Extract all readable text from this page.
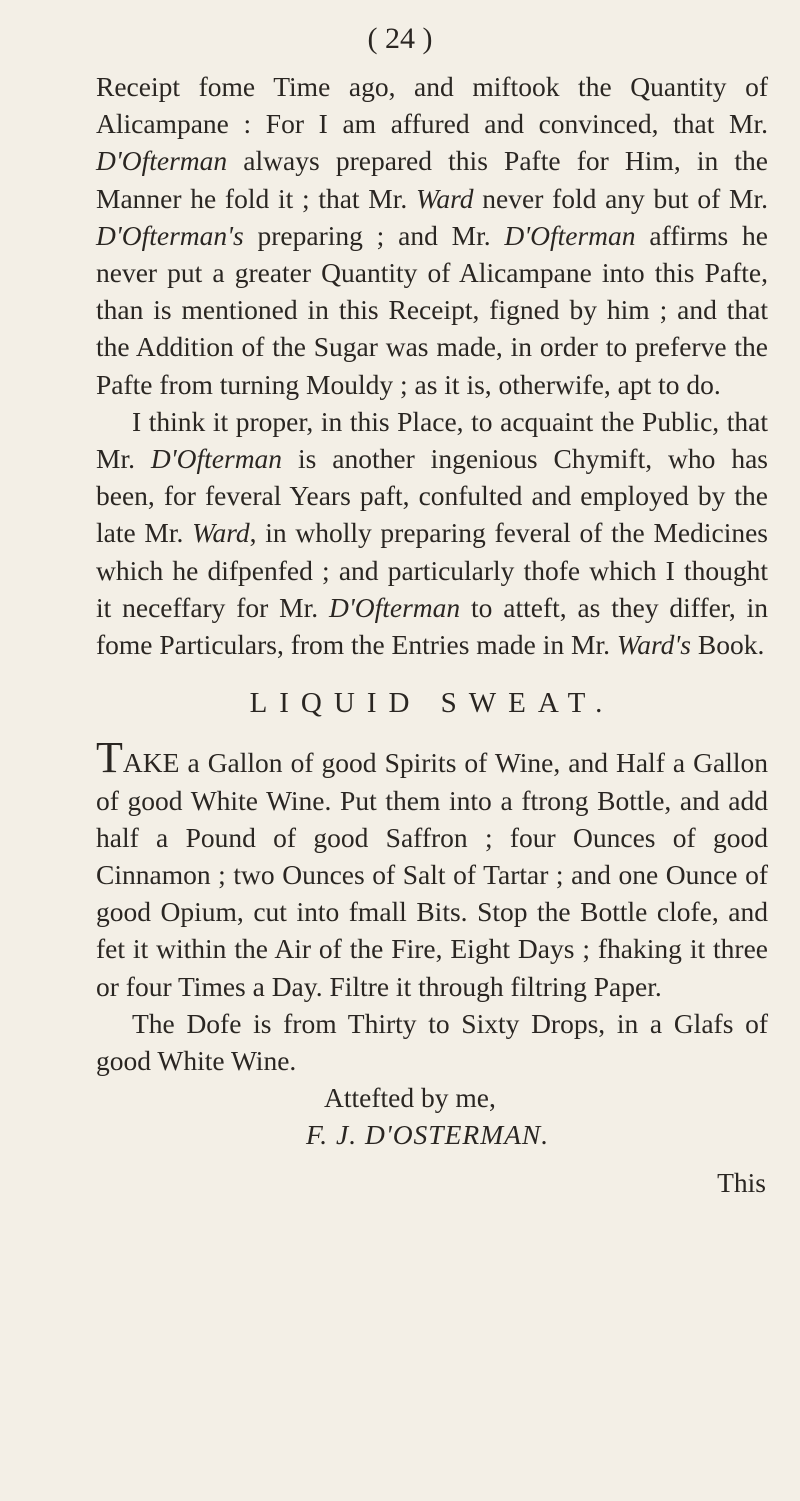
( 24 )

Receipt fome Time ago, and miftook the Quantity of Alicampane : For I am affured and convinced, that Mr. D'Ofterman always prepared this Pafte for Him, in the Manner he fold it ; that Mr. Ward never fold any but of Mr. D'Ofterman's preparing ; and Mr. D'Ofterman affirms he never put a greater Quantity of Alicampane into this Pafte, than is mentioned in this Receipt, figned by him ; and that the Addition of the Sugar was made, in order to preferve the Pafte from turning Mouldy ; as it is, otherwife, apt to do.

I think it proper, in this Place, to acquaint the Public, that Mr. D'Ofterman is another ingenious Chymift, who has been, for feveral Years paft, confulted and employed by the late Mr. Ward, in wholly preparing feveral of the Medicines which he difpenfed ; and particularly thofe which I thought it neceffary for Mr. D'Ofterman to atteft, as they differ, in fome Particulars, from the Entries made in Mr. Ward's Book.

LIQUID SWEAT.

TAKE a Gallon of good Spirits of Wine, and Half a Gallon of good White Wine. Put them into a ftrong Bottle, and add half a Pound of good Saffron ; four Ounces of good Cinnamon ; two Ounces of Salt of Tartar ; and one Ounce of good Opium, cut into fmall Bits. Stop the Bottle clofe, and fet it within the Air of the Fire, Eight Days ; fhaking it three or four Times a Day. Filtre it through filtring Paper.

The Dofe is from Thirty to Sixty Drops, in a Glafs of good White Wine.

Attefted by me,

F. J. D'OSTERMAN.

This
